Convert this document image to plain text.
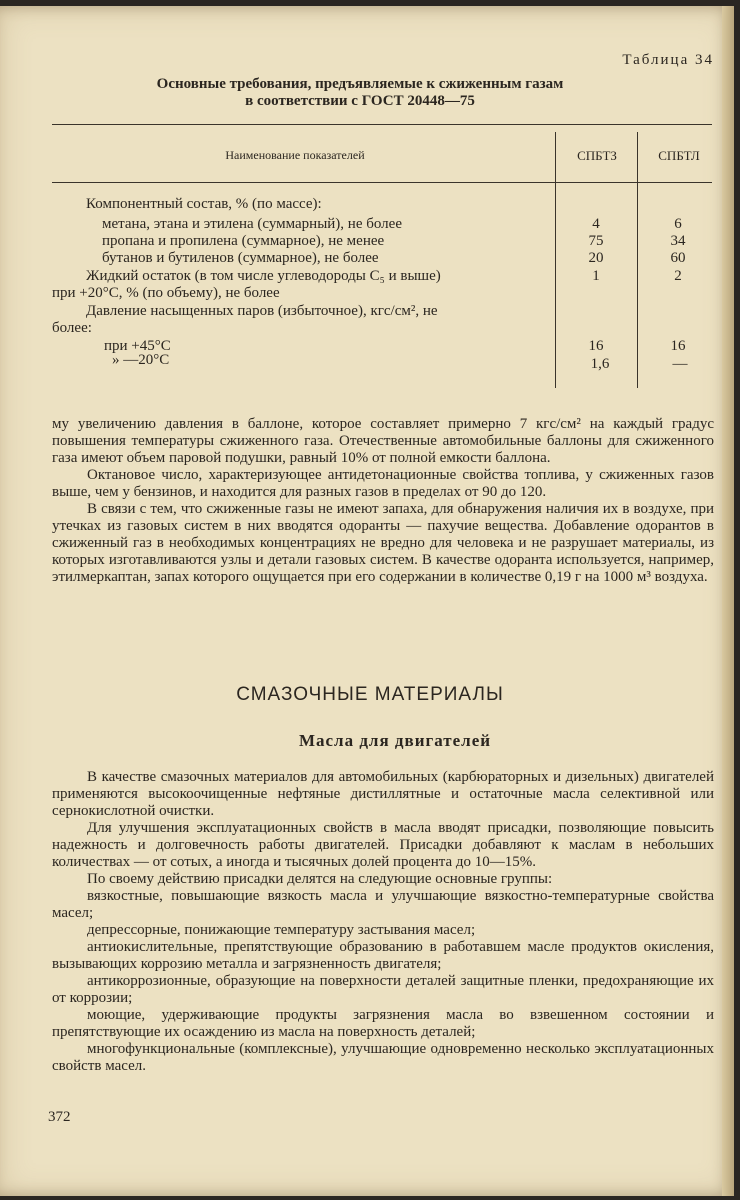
Таблица 34
Основные требования, предъявляемые к сжиженным газам
в соответствии с ГОСТ 20448—75
Наименование показателей	СПБТЗ	СПБТЛ
Компонентный состав, % (по массе):
метана, этана и этилена (суммарный), не более	4	6
пропана и пропилена (суммарное), не менее	75	34
бутанов и бутиленов (суммарное), не более	20	60
Жидкий остаток (в том числе углеводороды C₅ и выше)	1	2
при +20°C, % (по объему), не более
Давление насыщенных паров (избыточное), кгс/см², не
более:
при +45°C	16	16
» —20°C	1,6	—

му увеличению давления в баллоне, которое составляет примерно 7 кгс/см² на каждый градус повышения температуры сжиженного газа. Отечественные автомобильные баллоны для сжиженного газа имеют объем паровой подушки, равный 10% от полной емкости баллона.

Октановое число, характеризующее антидетонационные свойства топлива, у сжиженных газов выше, чем у бензинов, и находится для разных газов в пределах от 90 до 120.

В связи с тем, что сжиженные газы не имеют запаха, для обнаружения наличия их в воздухе, при утечках из газовых систем в них вводятся одоранты — пахучие вещества. Добавление одорантов в сжиженный газ в необходимых концентрациях не вредно для человека и не разрушает материалы, из которых изготавливаются узлы и детали газовых систем. В качестве одоранта используется, например, этилмеркаптан, запах которого ощущается при его содержании в количестве 0,19 г на 1000 м³ воздуха.

СМАЗОЧНЫЕ МАТЕРИАЛЫ
Масла для двигателей

В качестве смазочных материалов для автомобильных (карбюраторных и дизельных) двигателей применяются высокоочищенные нефтяные дистиллятные и остаточные масла селективной или сернокислотной очистки.

Для улучшения эксплуатационных свойств в масла вводят присадки, позволяющие повысить надежность и долговечность работы двигателей. Присадки добавляют к маслам в небольших количествах — от сотых, а иногда и тысячных долей процента до 10—15%.

По своему действию присадки делятся на следующие основные группы:

вязкостные, повышающие вязкость масла и улучшающие вязкостно-температурные свойства масел;

депрессорные, понижающие температуру застывания масел;

антиокислительные, препятствующие образованию в работавшем масле продуктов окисления, вызывающих коррозию металла и загрязненность двигателя;

антикоррозионные, образующие на поверхности деталей защитные пленки, предохраняющие их от коррозии;

моющие, удерживающие продукты загрязнения масла во взвешенном состоянии и препятствующие их осаждению из масла на поверхность деталей;

многофункциональные (комплексные), улучшающие одновременно несколько эксплуатационных свойств масел.

372
